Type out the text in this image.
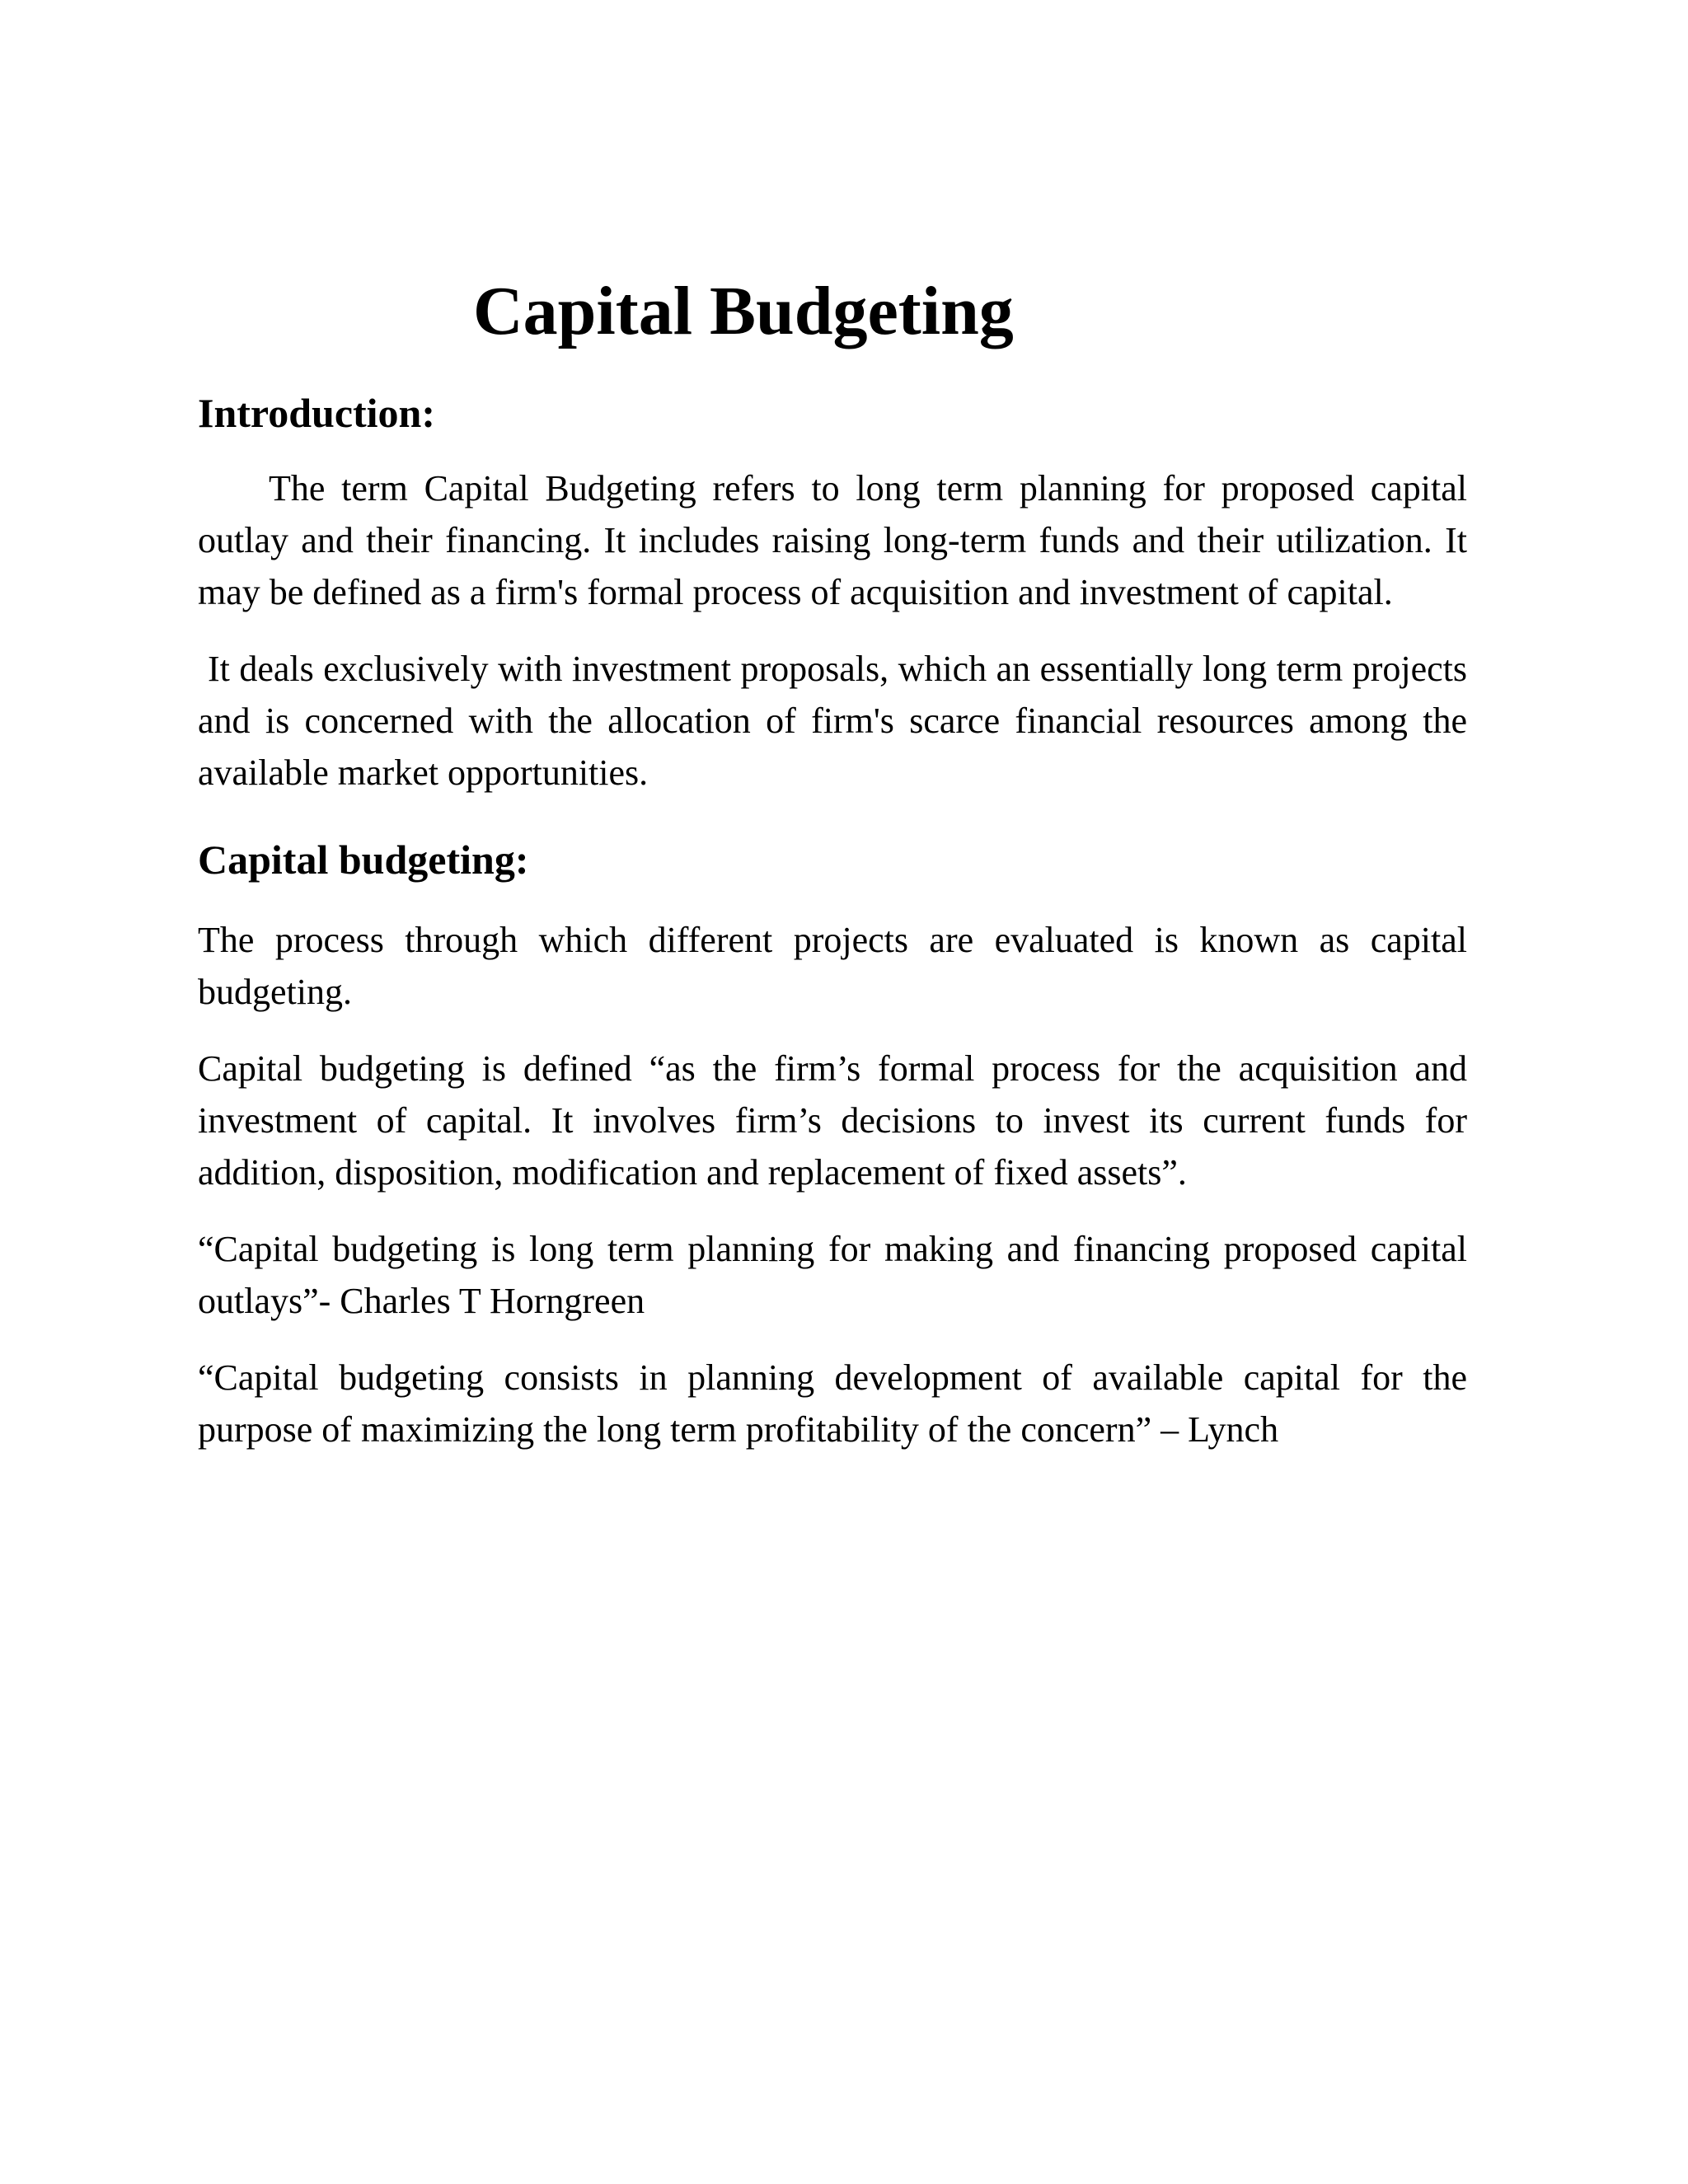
Capital Budgeting
Introduction:

The term Capital Budgeting refers to long term planning for proposed capital outlay and their financing. It includes raising long-term funds and their utilization. It may be defined as a firm's formal process of acquisition and investment of capital.

It deals exclusively with investment proposals, which an essentially long term projects and is concerned with the allocation of firm's scarce financial resources among the available market opportunities.

Capital budgeting:

The process through which different projects are evaluated is known as capital budgeting.

Capital budgeting is defined “as the firm’s formal process for the acquisition and investment of capital. It involves firm’s decisions to invest its current funds for addition, disposition, modification and replacement of fixed assets”.

“Capital budgeting is long term planning for making and financing proposed capital outlays”- Charles T Horngreen

“Capital budgeting consists in planning development of available capital for the purpose of maximizing the long term profitability of the concern” – Lynch
